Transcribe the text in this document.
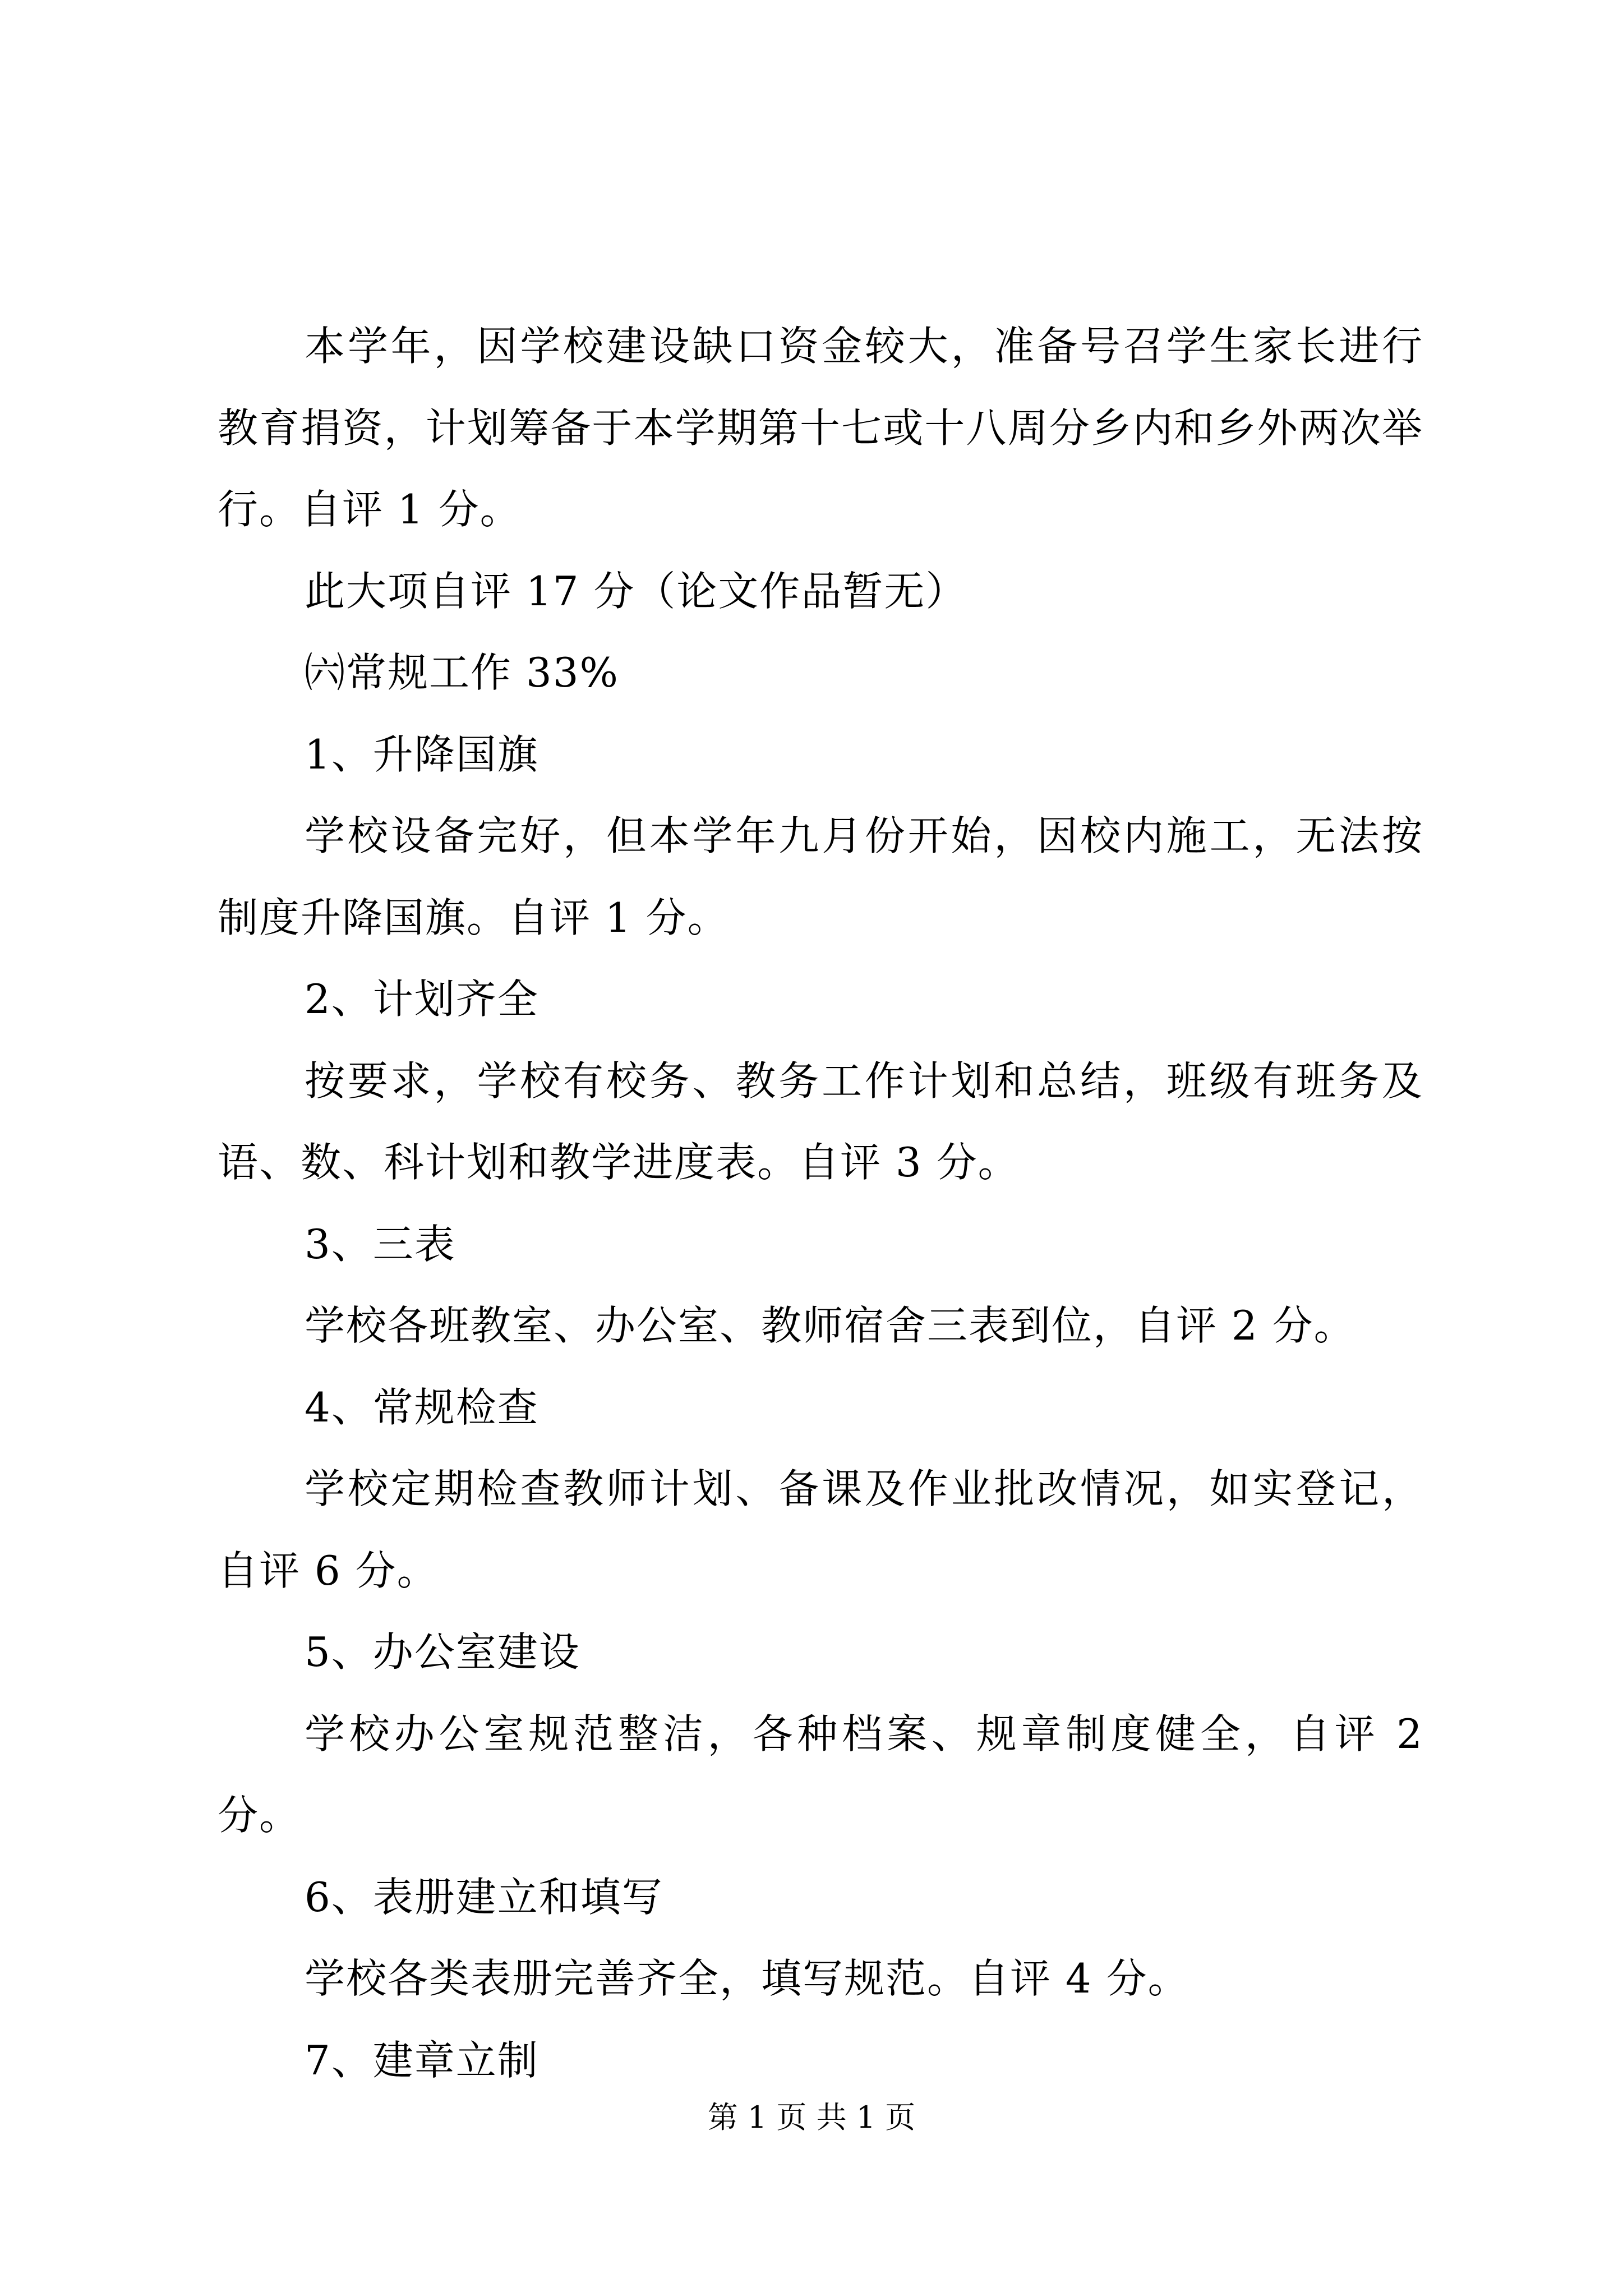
本学年，因学校建设缺口资金较大，准备号召学生家长进行教育捐资，计划筹备于本学期第十七或十八周分乡内和乡外两次举行。自评 1 分。

此大项自评 17 分（论文作品暂无）

㈥常规工作 33%

1、升降国旗

学校设备完好，但本学年九月份开始，因校内施工，无法按制度升降国旗。自评 1 分。

2、计划齐全

按要求，学校有校务、教务工作计划和总结，班级有班务及语、数、科计划和教学进度表。自评 3 分。

3、三表

学校各班教室、办公室、教师宿舍三表到位，自评 2 分。

4、常规检查

学校定期检查教师计划、备课及作业批改情况，如实登记，自评 6 分。

5、办公室建设

学校办公室规范整洁，各种档案、规章制度健全，自评 2 分。

6、表册建立和填写

学校各类表册完善齐全，填写规范。自评 4 分。

7、建章立制

第 1 页 共 1 页
